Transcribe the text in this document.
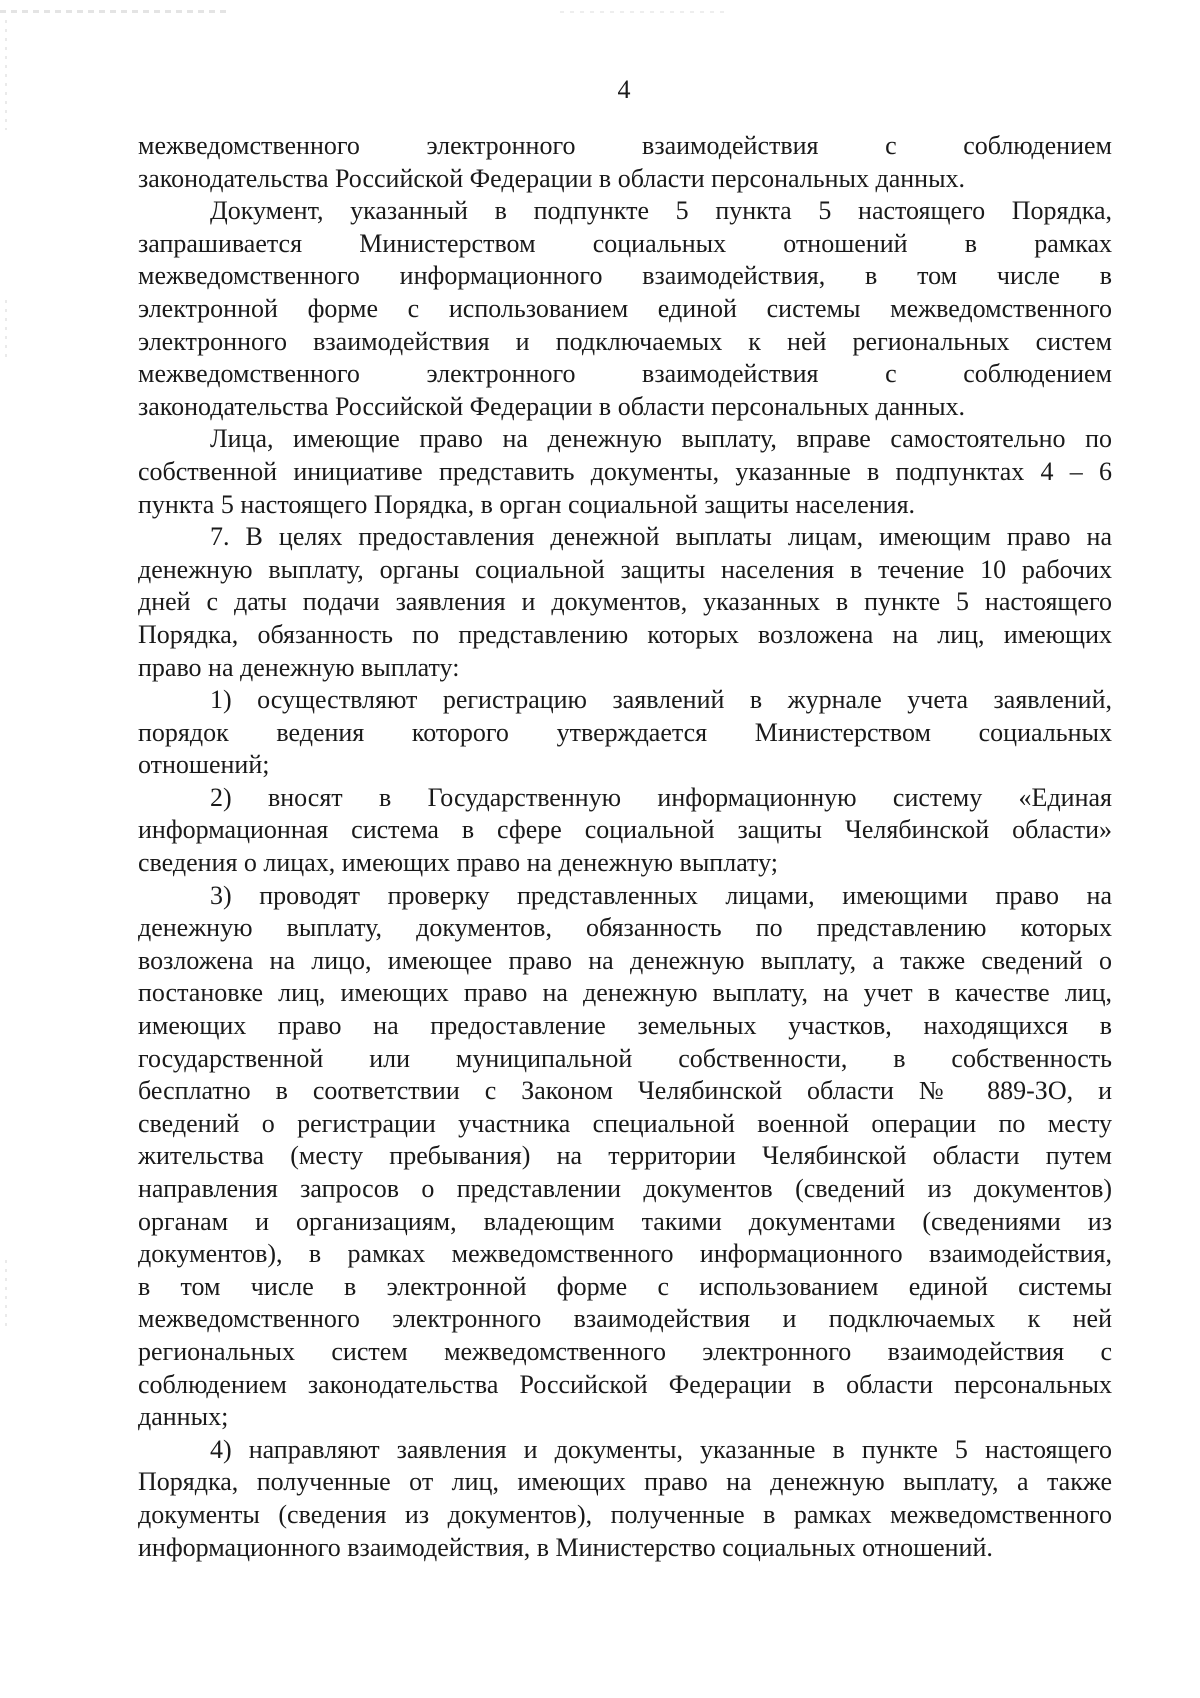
4
межведомственного электронного взаимодействия с соблюдением
законодательства Российской Федерации в области персональных данных.
Документ, указанный в подпункте 5 пункта 5 настоящего Порядка,
запрашивается Министерством социальных отношений в рамках
межведомственного информационного взаимодействия, в том числе в
электронной форме с использованием единой системы межведомственного
электронного взаимодействия и подключаемых к ней региональных систем
межведомственного электронного взаимодействия с соблюдением
законодательства Российской Федерации в области персональных данных.
Лица, имеющие право на денежную выплату, вправе самостоятельно по
собственной инициативе представить документы, указанные в подпунктах 4 – 6
пункта 5 настоящего Порядка, в орган социальной защиты населения.
7. В целях предоставления денежной выплаты лицам, имеющим право на
денежную выплату, органы социальной защиты населения в течение 10 рабочих
дней с даты подачи заявления и документов, указанных в пункте 5 настоящего
Порядка, обязанность по представлению которых возложена на лиц, имеющих
право на денежную выплату:
1) осуществляют регистрацию заявлений в журнале учета заявлений,
порядок ведения которого утверждается Министерством социальных
отношений;
2) вносят в Государственную информационную систему «Единая
информационная система в сфере социальной защиты Челябинской области»
сведения о лицах, имеющих право на денежную выплату;
3) проводят проверку представленных лицами, имеющими право на
денежную выплату, документов, обязанность по представлению которых
возложена на лицо, имеющее право на денежную выплату, а также сведений о
постановке лиц, имеющих право на денежную выплату, на учет в качестве лиц,
имеющих право на предоставление земельных участков, находящихся в
государственной или муниципальной собственности, в собственность
бесплатно в соответствии с Законом Челябинской области № 889-ЗО, и
сведений о регистрации участника специальной военной операции по месту
жительства (месту пребывания) на территории Челябинской области путем
направления запросов о представлении документов (сведений из документов)
органам и организациям, владеющим такими документами (сведениями из
документов), в рамках межведомственного информационного взаимодействия,
в том числе в электронной форме с использованием единой системы
межведомственного электронного взаимодействия и подключаемых к ней
региональных систем межведомственного электронного взаимодействия с
соблюдением законодательства Российской Федерации в области персональных
данных;
4) направляют заявления и документы, указанные в пункте 5 настоящего
Порядка, полученные от лиц, имеющих право на денежную выплату, а также
документы (сведения из документов), полученные в рамках межведомственного
информационного взаимодействия, в Министерство социальных отношений.
